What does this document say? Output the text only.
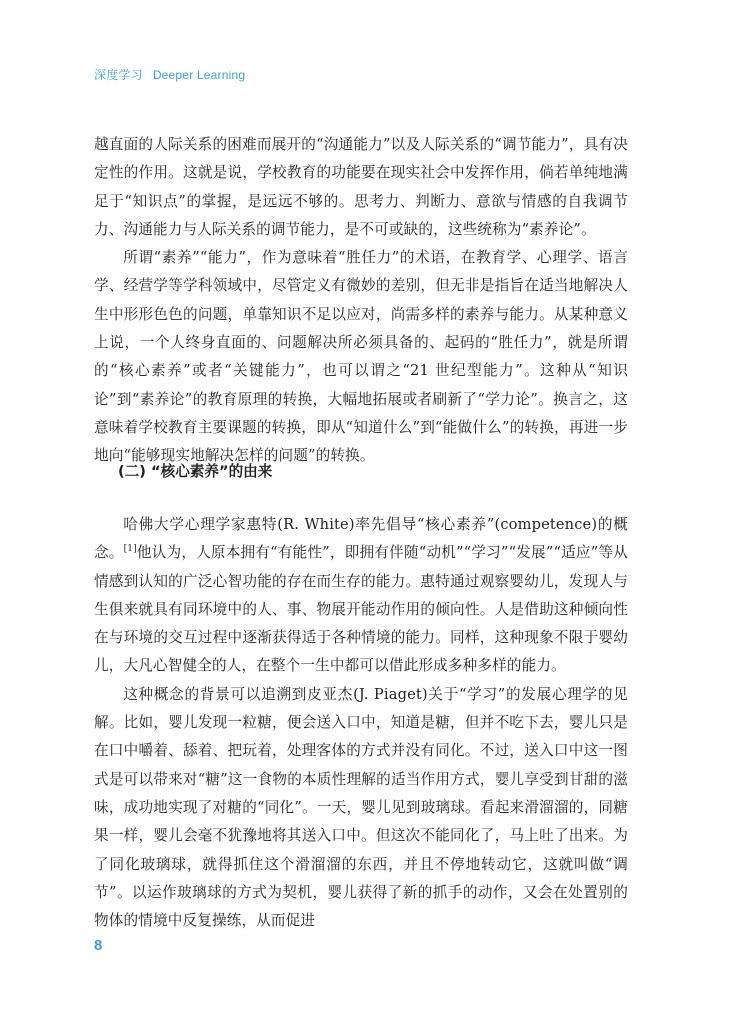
深度学习 Deeper Learning

越直面的人际关系的困难而展开的“沟通能力”以及人际关系的“调节能力”，具有决定性的作用。这就是说，学校教育的功能要在现实社会中发挥作用，倘若单纯地满足于“知识点”的掌握，是远远不够的。思考力、判断力、意欲与情感的自我调节力、沟通能力与人际关系的调节能力，是不可或缺的，这些统称为“素养论”。

所谓“素养”“能力”，作为意味着“胜任力”的术语，在教育学、心理学、语言学、经营学等学科领域中，尽管定义有微妙的差别，但无非是指旨在适当地解决人生中形形色色的问题，单靠知识不足以应对，尚需多样的素养与能力。从某种意义上说，一个人终身直面的、问题解决所必须具备的、起码的“胜任力”，就是所谓的“核心素养”或者“关键能力”，也可以谓之“21 世纪型能力”。这种从“知识论”到“素养论”的教育原理的转换，大幅地拓展或者刷新了“学力论”。换言之，这意味着学校教育主要课题的转换，即从“知道什么”到“能做什么”的转换，再进一步地向“能够现实地解决怎样的问题”的转换。

(二) “核心素养”的由来

哈佛大学心理学家惠特(R. White)率先倡导“核心素养”(competence)的概念。[1]他认为，人原本拥有“有能性”，即拥有伴随“动机”“学习”“发展”“适应”等从情感到认知的广泛心智功能的存在而生存的能力。惠特通过观察婴幼儿，发现人与生俱来就具有同环境中的人、事、物展开能动作用的倾向性。人是借助这种倾向性在与环境的交互过程中逐渐获得适于各种情境的能力。同样，这种现象不限于婴幼儿，大凡心智健全的人，在整个一生中都可以借此形成多种多样的能力。

这种概念的背景可以追溯到皮亚杰(J. Piaget)关于“学习”的发展心理学的见解。比如，婴儿发现一粒糖，便会送入口中，知道是糖，但并不吃下去，婴儿只是在口中嚼着、舔着、把玩着，处理客体的方式并没有同化。不过，送入口中这一图式是可以带来对“糖”这一食物的本质性理解的适当作用方式，婴儿享受到甘甜的滋味，成功地实现了对糖的“同化”。一天，婴儿见到玻璃球。看起来滑溜溜的，同糖果一样，婴儿会毫不犹豫地将其送入口中。但这次不能同化了，马上吐了出来。为了同化玻璃球，就得抓住这个滑溜溜的东西，并且不停地转动它，这就叫做“调节”。以运作玻璃球的方式为契机，婴儿获得了新的抓手的动作，又会在处置别的物体的情境中反复操练，从而促进

8
